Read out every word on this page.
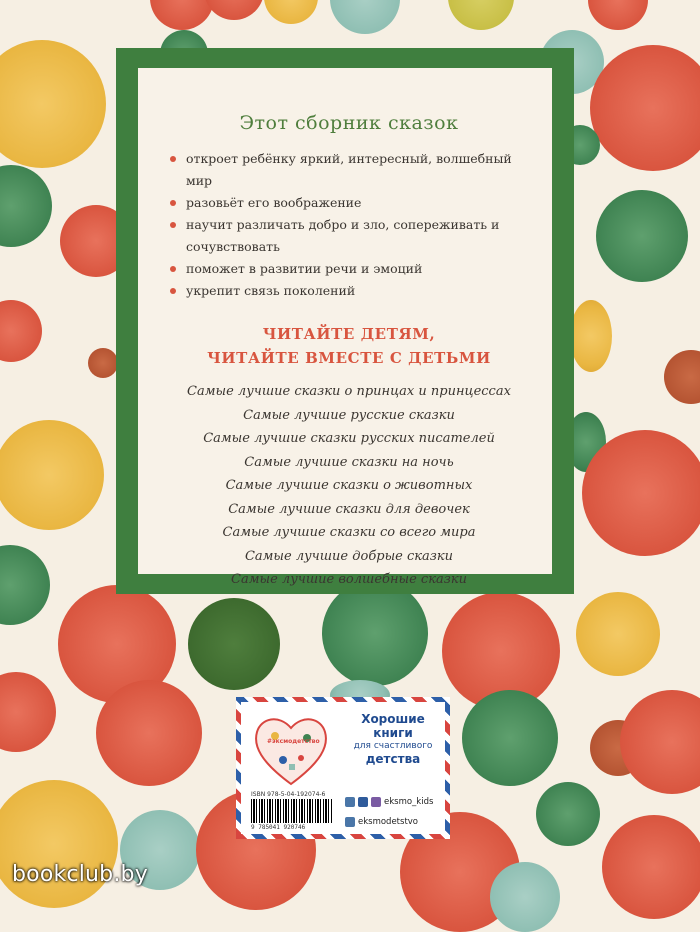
Этот сборник сказок
откроет ребёнку яркий, интересный, волшебный мир
разовьёт его воображение
научит различать добро и зло, сопереживать и сочувствовать
поможет в развитии речи и эмоций
укрепит связь поколений
ЧИТАЙТЕ ДЕТЯМ,
ЧИТАЙТЕ ВМЕСТЕ С ДЕТЬМИ
Самые лучшие сказки о принцах и принцессах
Самые лучшие русские сказки
Самые лучшие сказки русских писателей
Самые лучшие сказки на ночь
Самые лучшие сказки о животных
Самые лучшие сказки для девочек
Самые лучшие сказки со всего мира
Самые лучшие добрые сказки
Самые лучшие волшебные сказки
#эксмодетство
Хорошие
книги
для счастливого
детства
ISBN 978-5-04-192074-6
9 785041 920746
eksmo_kids
eksmodetstvo
bookclub.by
